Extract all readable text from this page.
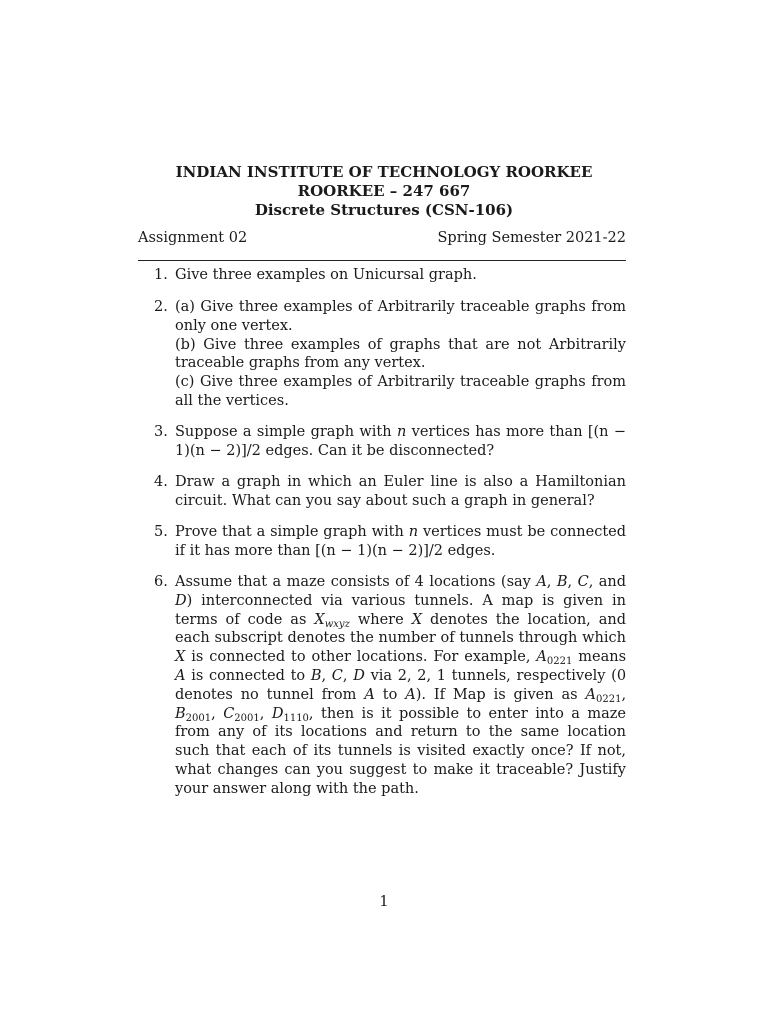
INDIAN INSTITUTE OF TECHNOLOGY ROORKEE
ROORKEE – 247 667
Discrete Structures (CSN-106)
Assignment 02	Spring Semester 2021-22
1. Give three examples on Unicursal graph.
2. (a) Give three examples of Arbitrarily traceable graphs from only one vertex.
(b) Give three examples of graphs that are not Arbitrarily traceable graphs from any vertex.
(c) Give three examples of Arbitrarily traceable graphs from all the vertices.
3. Suppose a simple graph with n vertices has more than [(n − 1)(n − 2)]/2 edges. Can it be disconnected?
4. Draw a graph in which an Euler line is also a Hamiltonian circuit. What can you say about such a graph in general?
5. Prove that a simple graph with n vertices must be connected if it has more than [(n − 1)(n − 2)]/2 edges.
6. Assume that a maze consists of 4 locations (say A, B, C, and D) interconnected via various tunnels. A map is given in terms of code as $X_{wxyz}$ where X denotes the location, and each subscript denotes the number of tunnels through which X is connected to other locations. For example, $A_{0221}$ means A is connected to B, C, D via 2, 2, 1 tunnels, respectively (0 denotes no tunnel from A to A). If Map is given as $A_{0221}$, $B_{2001}$, $C_{2001}$, $D_{1110}$, then is it possible to enter into a maze from any of its locations and return to the same location such that each of its tunnels is visited exactly once? If not, what changes can you suggest to make it traceable? Justify your answer along with the path.
1
